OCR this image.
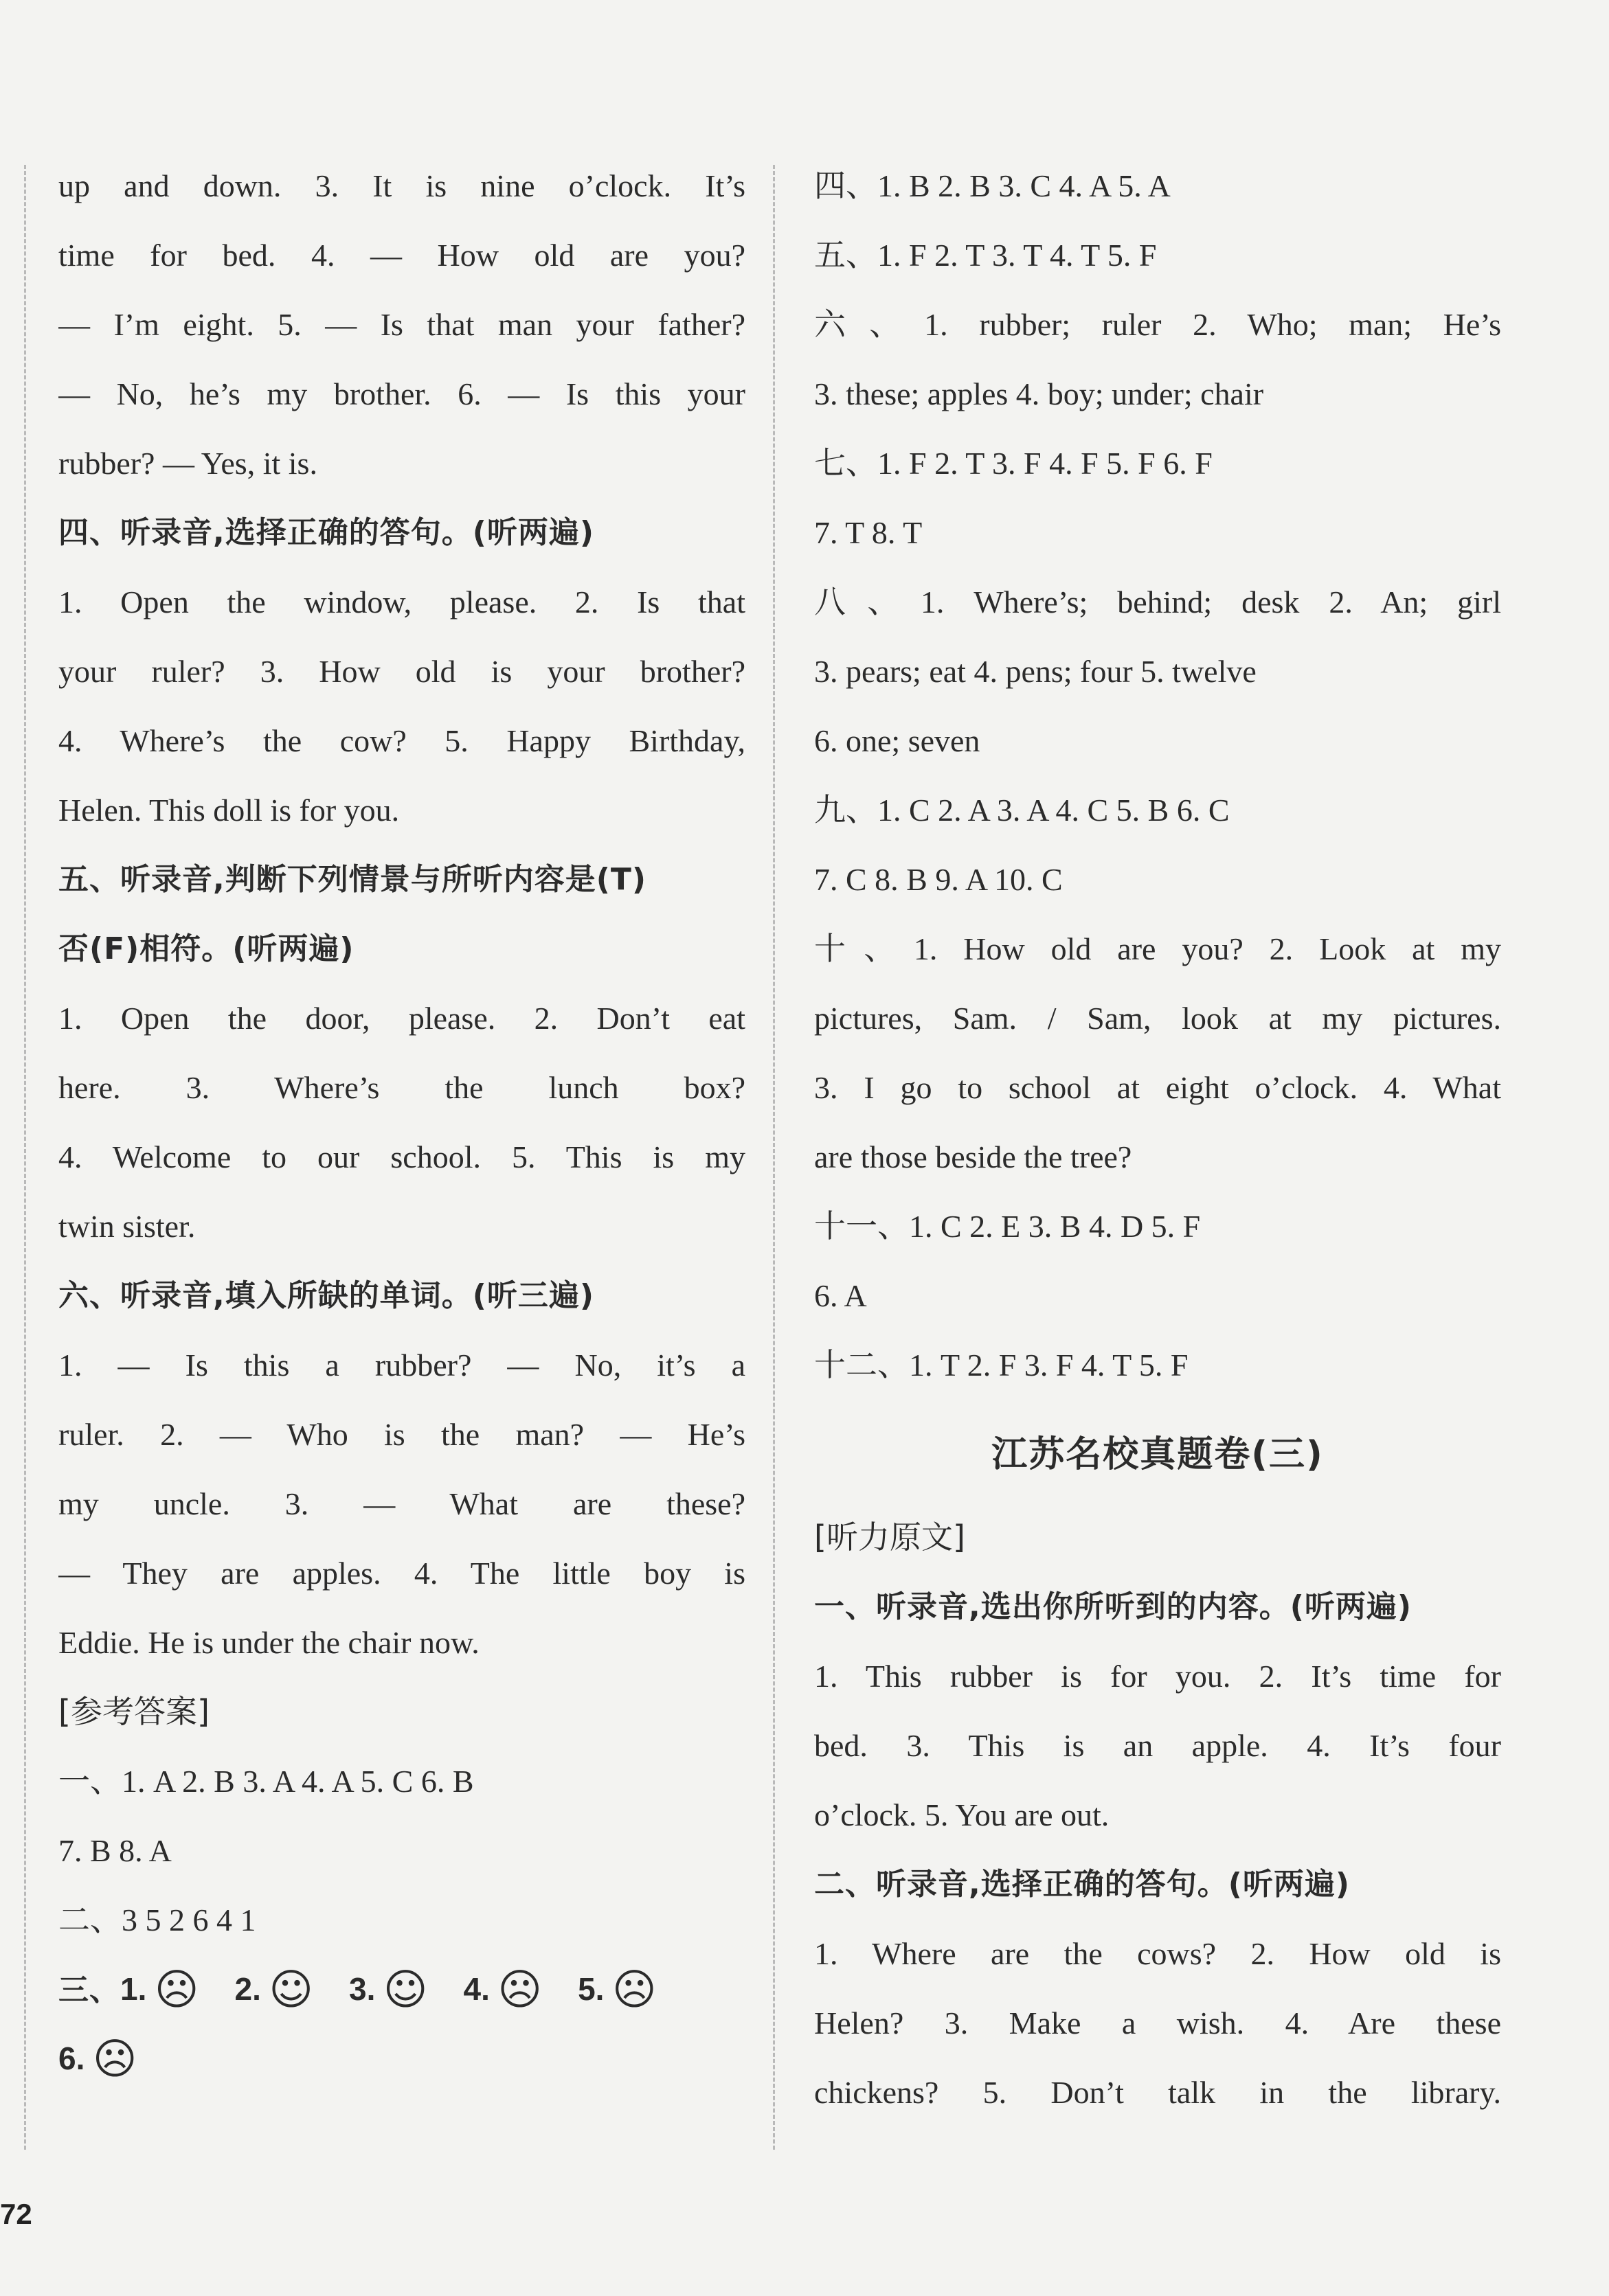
up and down. 3. It is nine o’clock. It’s
time for bed. 4. — How old are you?
— I’m eight. 5. — Is that man your father?
— No, he’s my brother. 6. — Is this your
rubber? — Yes, it is.
四、听录音,选择正确的答句。(听两遍)
1. Open the window, please. 2. Is that
your ruler? 3. How old is your brother?
4. Where’s the cow? 5. Happy Birthday,
Helen. This doll is for you.
五、听录音,判断下列情景与所听内容是(T)
否(F)相符。(听两遍)
1. Open the door, please. 2. Don’t eat
here. 3. Where’s the lunch box?
4. Welcome to our school. 5. This is my
twin sister.
六、听录音,填入所缺的单词。(听三遍)
1. — Is this a rubber? — No, it’s a
ruler. 2. — Who is the man? — He’s
my uncle. 3. — What are these?
— They are apples. 4. The little boy is
Eddie. He is under the chair now.
[参考答案]
一、1. A 2. B 3. A 4. A 5. C 6. B
7. B 8. A
二、3 5 2 6 4 1
三、1. ☹ 2. ☺ 3. ☺ 4. ☹ 5. ☹
6. ☹
四、1. B 2. B 3. C 4. A 5. A
五、1. F 2. T 3. T 4. T 5. F
六、1. rubber; ruler 2. Who; man; He’s
3. these; apples 4. boy; under; chair
七、1. F 2. T 3. F 4. F 5. F 6. F
7. T 8. T
八、1. Where’s; behind; desk 2. An; girl
3. pears; eat 4. pens; four 5. twelve
6. one; seven
九、1. C 2. A 3. A 4. C 5. B 6. C
7. C 8. B 9. A 10. C
十、1. How old are you? 2. Look at my
pictures, Sam. / Sam, look at my pictures.
3. I go to school at eight o’clock. 4. What
are those beside the tree?
十一、1. C 2. E 3. B 4. D 5. F
6. A
十二、1. T 2. F 3. F 4. T 5. F
江苏名校真题卷(三)
[听力原文]
一、听录音,选出你所听到的内容。(听两遍)
1. This rubber is for you. 2. It’s time for
bed. 3. This is an apple. 4. It’s four
o’clock. 5. You are out.
二、听录音,选择正确的答句。(听两遍)
1. Where are the cows? 2. How old is
Helen? 3. Make a wish. 4. Are these
chickens? 5. Don’t talk in the library.
72
